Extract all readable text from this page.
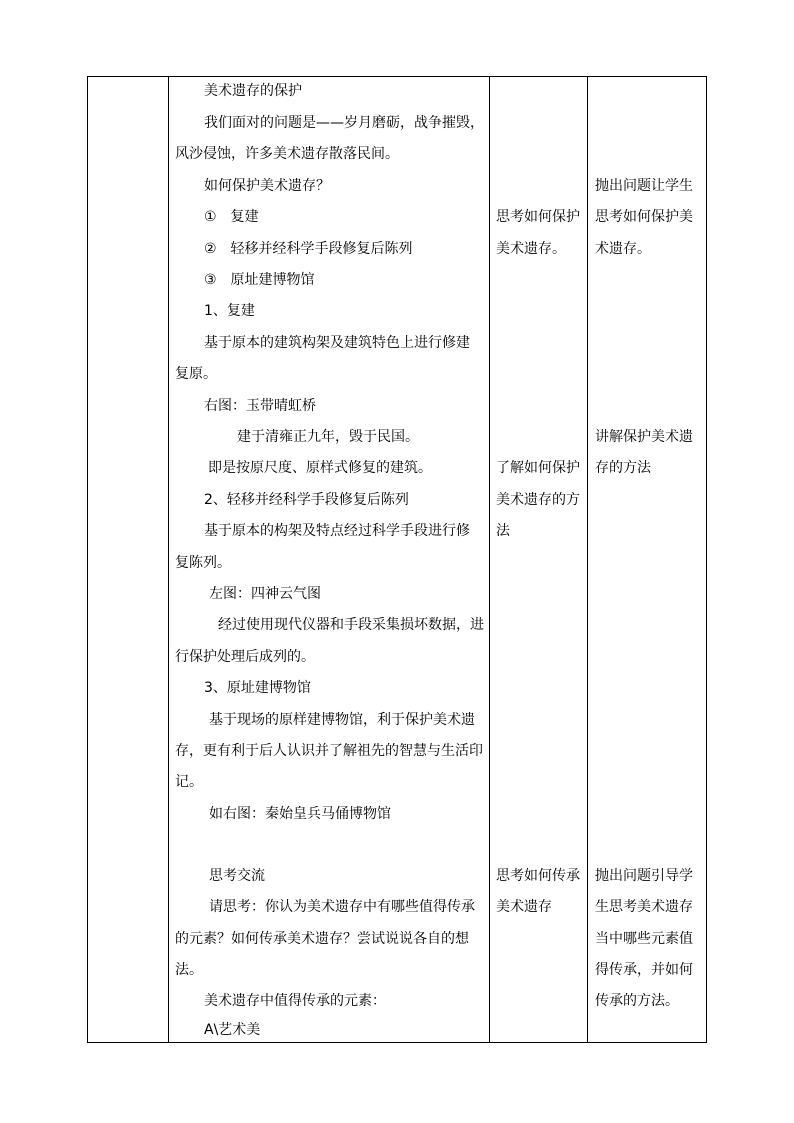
美术遗存的保护
我们面对的问题是——岁月磨砺，战争摧毁，
风沙侵蚀，许多美术遗存散落民间。
如何保护美术遗存？
①　复建
②　轻移并经科学手段修复后陈列
③　原址建博物馆
1、复建
基于原本的建筑构架及建筑特色上进行修建
复原。
右图：玉带晴虹桥
建于清雍正九年，毁于民国。
即是按原尺度、原样式修复的建筑。
2、轻移并经科学手段修复后陈列
基于原本的构架及特点经过科学手段进行修
复陈列。
左图：四神云气图
经过使用现代仪器和手段采集损坏数据，进
行保护处理后成列的。
3、原址建博物馆
基于现场的原样建博物馆，利于保护美术遗
存，更有利于后人认识并了解祖先的智慧与生活印
记。
如右图：秦始皇兵马俑博物馆
思考交流
请思考：你认为美术遗存中有哪些值得传承
的元素？如何传承美术遗存？尝试说说各自的想
法。
美术遗存中值得传承的元素：
A\艺术美
思考如何保护
美术遗存。
了解如何保护
美术遗存的方
法
思考如何传承
美术遗存
抛出问题让学生
思考如何保护美
术遗存。
讲解保护美术遗
存的方法
抛出问题引导学
生思考美术遗存
当中哪些元素值
得传承，并如何
传承的方法。
